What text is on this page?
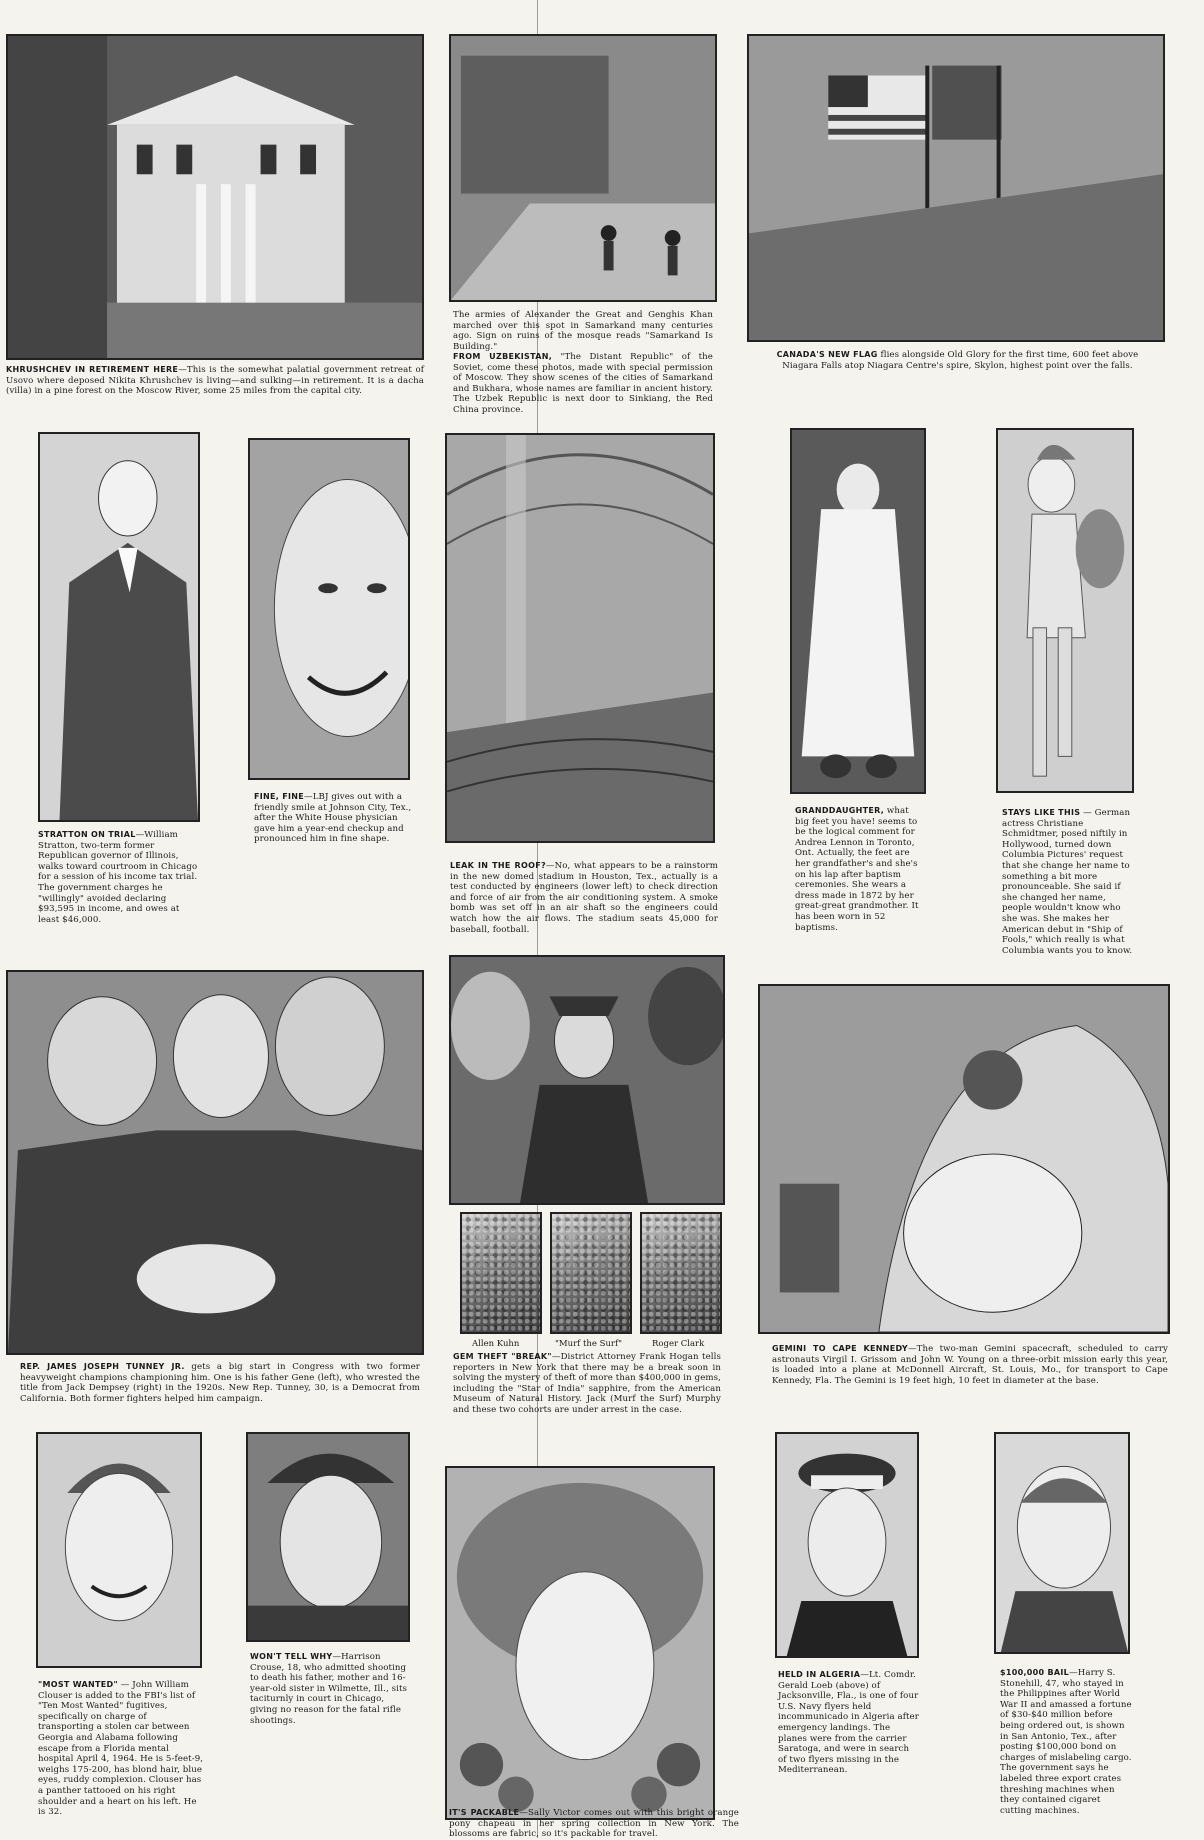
KHRUSHCHEV IN RETIREMENT HERE—This is the somewhat palatial government retreat of Usovo where deposed Nikita Khrushchev is living—and sulking—in retirement. It is a dacha (villa) in a pine forest on the Moscow River, some 25 miles from the capital city.
The armies of Alexander the Great and Genghis Khan marched over this spot in Samarkand many centuries ago. Sign on ruins of the mosque reads "Samarkand Is Building."
FROM UZBEKISTAN, "The Distant Republic" of the Soviet, come these photos, made with special permission of Moscow. They show scenes of the cities of Samarkand and Bukhara, whose names are familiar in ancient history. The Uzbek Republic is next door to Sinkiang, the Red China province.
CANADA'S NEW FLAG flies alongside Old Glory for the first time, 600 feet above Niagara Falls atop Niagara Centre's spire, Skylon, highest point over the falls.
STRATTON ON TRIAL—William Stratton, two-term former Republican governor of Illinois, walks toward courtroom in Chicago for a session of his income tax trial. The government charges he "willingly" avoided declaring $93,595 in income, and owes at least $46,000.
FINE, FINE—LBJ gives out with a friendly smile at Johnson City, Tex., after the White House physician gave him a year-end checkup and pronounced him in fine shape.
LEAK IN THE ROOF?—No, what appears to be a rainstorm in the new domed stadium in Houston, Tex., actually is a test conducted by engineers (lower left) to check direction and force of air from the air conditioning system. A smoke bomb was set off in an air shaft so the engineers could watch how the air flows. The stadium seats 45,000 for baseball, football.
GRANDDAUGHTER, what big feet you have! seems to be the logical comment for Andrea Lennon in Toronto, Ont. Actually, the feet are her grandfather's and she's on his lap after baptism ceremonies. She wears a dress made in 1872 by her great-great grandmother. It has been worn in 52 baptisms.
STAYS LIKE THIS — German actress Christiane Schmidtmer, posed niftily in Hollywood, turned down Columbia Pictures' request that she change her name to something a bit more pronounceable. She said if she changed her name, people wouldn't know who she was. She makes her American debut in "Ship of Fools," which really is what Columbia wants you to know.
REP. JAMES JOSEPH TUNNEY JR. gets a big start in Congress with two former heavyweight champions championing him. One is his father Gene (left), who wrested the title from Jack Dempsey (right) in the 1920s. New Rep. Tunney, 30, is a Democrat from California. Both former fighters helped him campaign.
Allen Kuhn	"Murf the Surf"	Roger Clark
GEM THEFT "BREAK"—District Attorney Frank Hogan tells reporters in New York that there may be a break soon in solving the mystery of theft of more than $400,000 in gems, including the "Star of India" sapphire, from the American Museum of Natural History. Jack (Murf the Surf) Murphy and these two cohorts are under arrest in the case.
GEMINI TO CAPE KENNEDY—The two-man Gemini spacecraft, scheduled to carry astronauts Virgil I. Grissom and John W. Young on a three-orbit mission early this year, is loaded into a plane at McDonnell Aircraft, St. Louis, Mo., for transport to Cape Kennedy, Fla. The Gemini is 19 feet high, 10 feet in diameter at the base.
"MOST WANTED" — John William Clouser is added to the FBI's list of "Ten Most Wanted" fugitives, specifically on charge of transporting a stolen car between Georgia and Alabama following escape from a Florida mental hospital April 4, 1964. He is 5-feet-9, weighs 175-200, has blond hair, blue eyes, ruddy complexion. Clouser has a panther tattooed on his right shoulder and a heart on his left. He is 32.
WON'T TELL WHY—Harrison Crouse, 18, who admitted shooting to death his father, mother and 16-year-old sister in Wilmette, Ill., sits taciturnly in court in Chicago, giving no reason for the fatal rifle shootings.
IT'S PACKABLE—Sally Victor comes out with this bright orange pony chapeau in her spring collection in New York. The blossoms are fabric, so it's packable for travel.
HELD IN ALGERIA—Lt. Comdr. Gerald Loeb (above) of Jacksonville, Fla., is one of four U.S. Navy flyers held incommunicado in Algeria after emergency landings. The planes were from the carrier Saratoga, and were in search of two flyers missing in the Mediterranean.
$100,000 BAIL—Harry S. Stonehill, 47, who stayed in the Philippines after World War II and amassed a fortune of $30-$40 million before being ordered out, is shown in San Antonio, Tex., after posting $100,000 bond on charges of mislabeling cargo. The government says he labeled three export crates threshing machines when they contained cigaret cutting machines.
